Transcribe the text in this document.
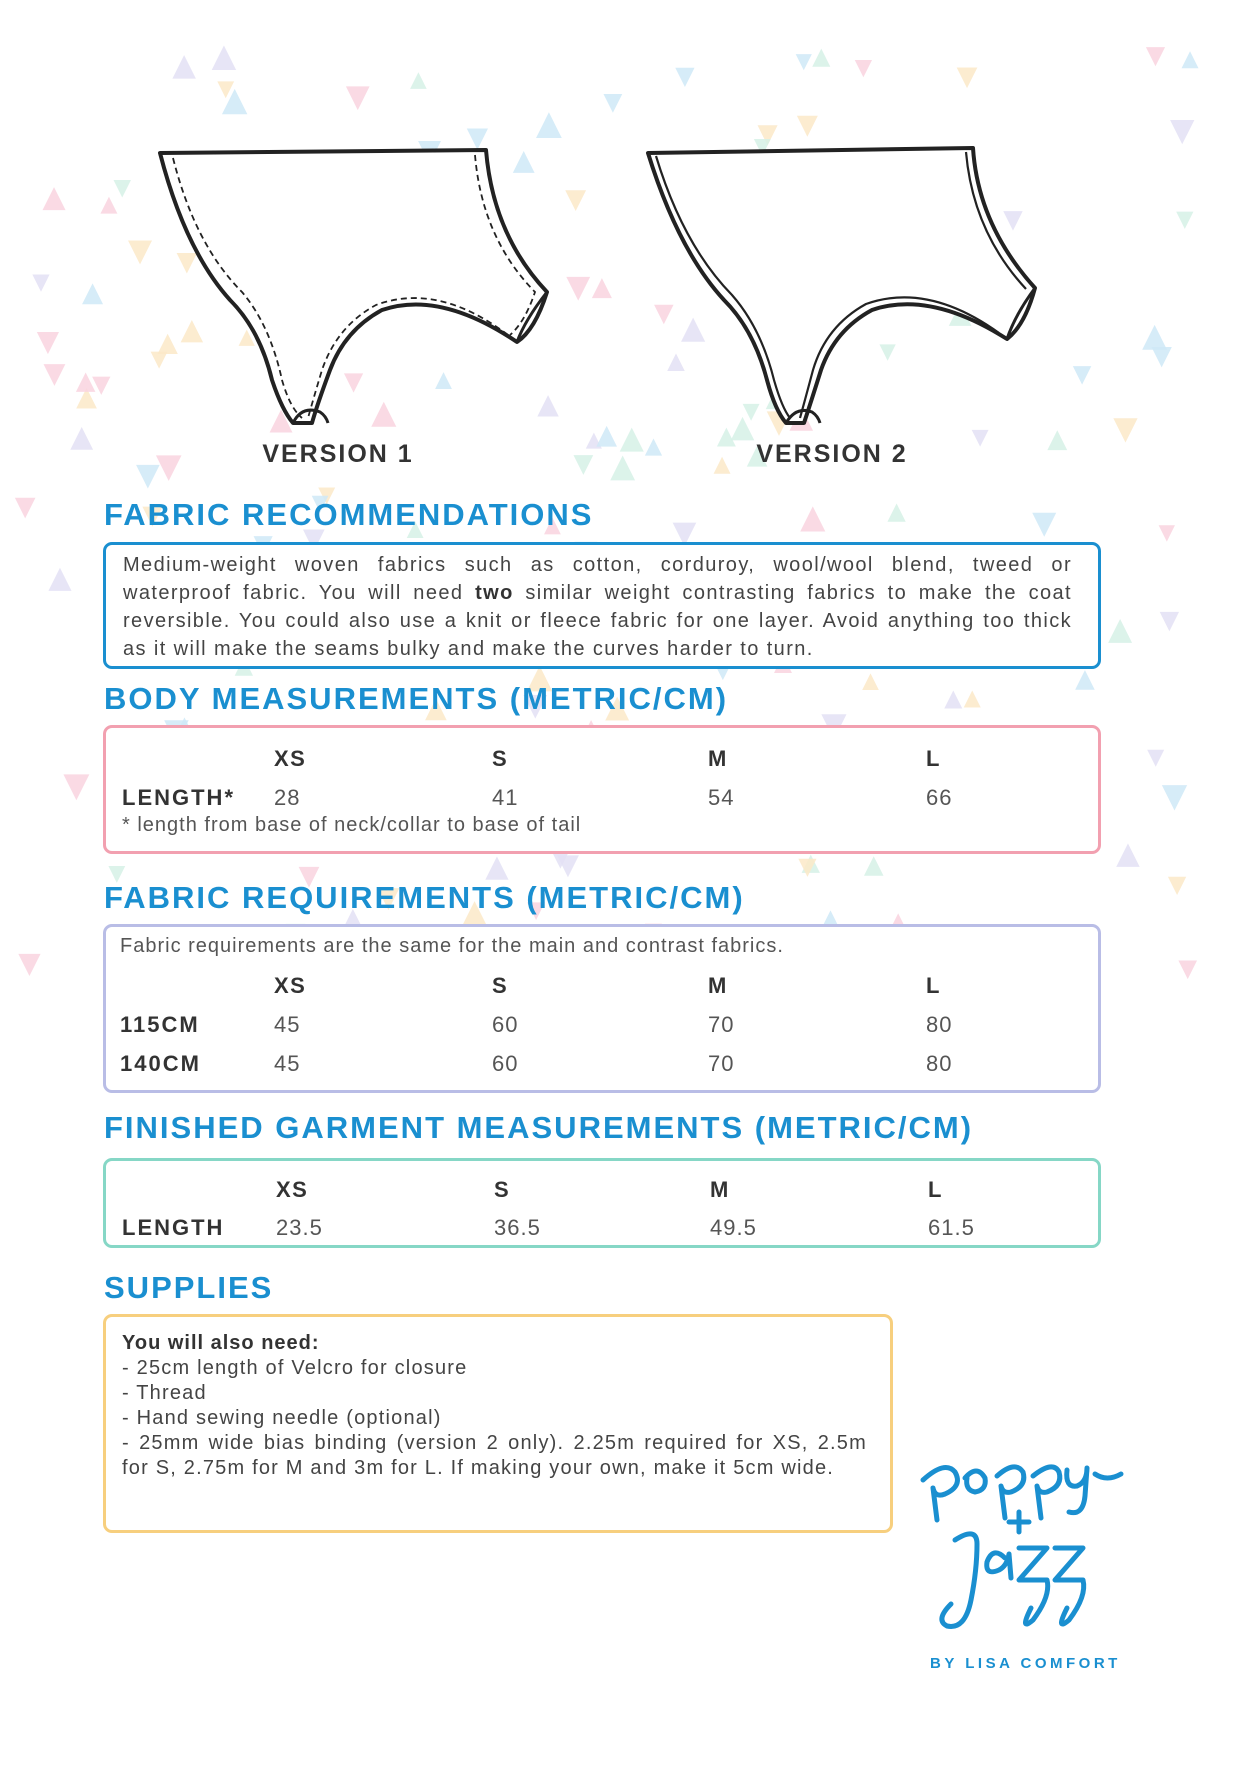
VERSION 1	VERSION 2
FABRIC RECOMMENDATIONS

Medium-weight woven fabrics such as cotton, corduroy, wool/wool blend, tweed or waterproof fabric. You will need two similar weight contrasting fabrics to make the coat reversible. You could also use a knit or fleece fabric for one layer. Avoid anything too thick as it will make the seams bulky and make the curves harder to turn.

BODY MEASUREMENTS (METRIC/CM)
XS	S	M	L
LENGTH* 28	41	54	66
* length from base of neck/collar to base of tail
FABRIC REQUIREMENTS (METRIC/CM)
Fabric requirements are the same for the main and contrast fabrics.
XS	S	M	L
115CM	45	60	70	80
140CM	45	60	70	80
FINISHED GARMENT MEASUREMENTS (METRIC/CM)
XS	S	M	L
LENGTH 23.5	36.5	49.5	61.5
SUPPLIES
You will also need:
- 25cm length of Velcro for closure
- Thread
- Hand sewing needle (optional)
- 25mm wide bias binding (version 2 only). 2.25m required for XS, 2.5m for S, 2.75m for M and 3m for L. If making your own, make it 5cm wide.
BY LISA COMFORT
